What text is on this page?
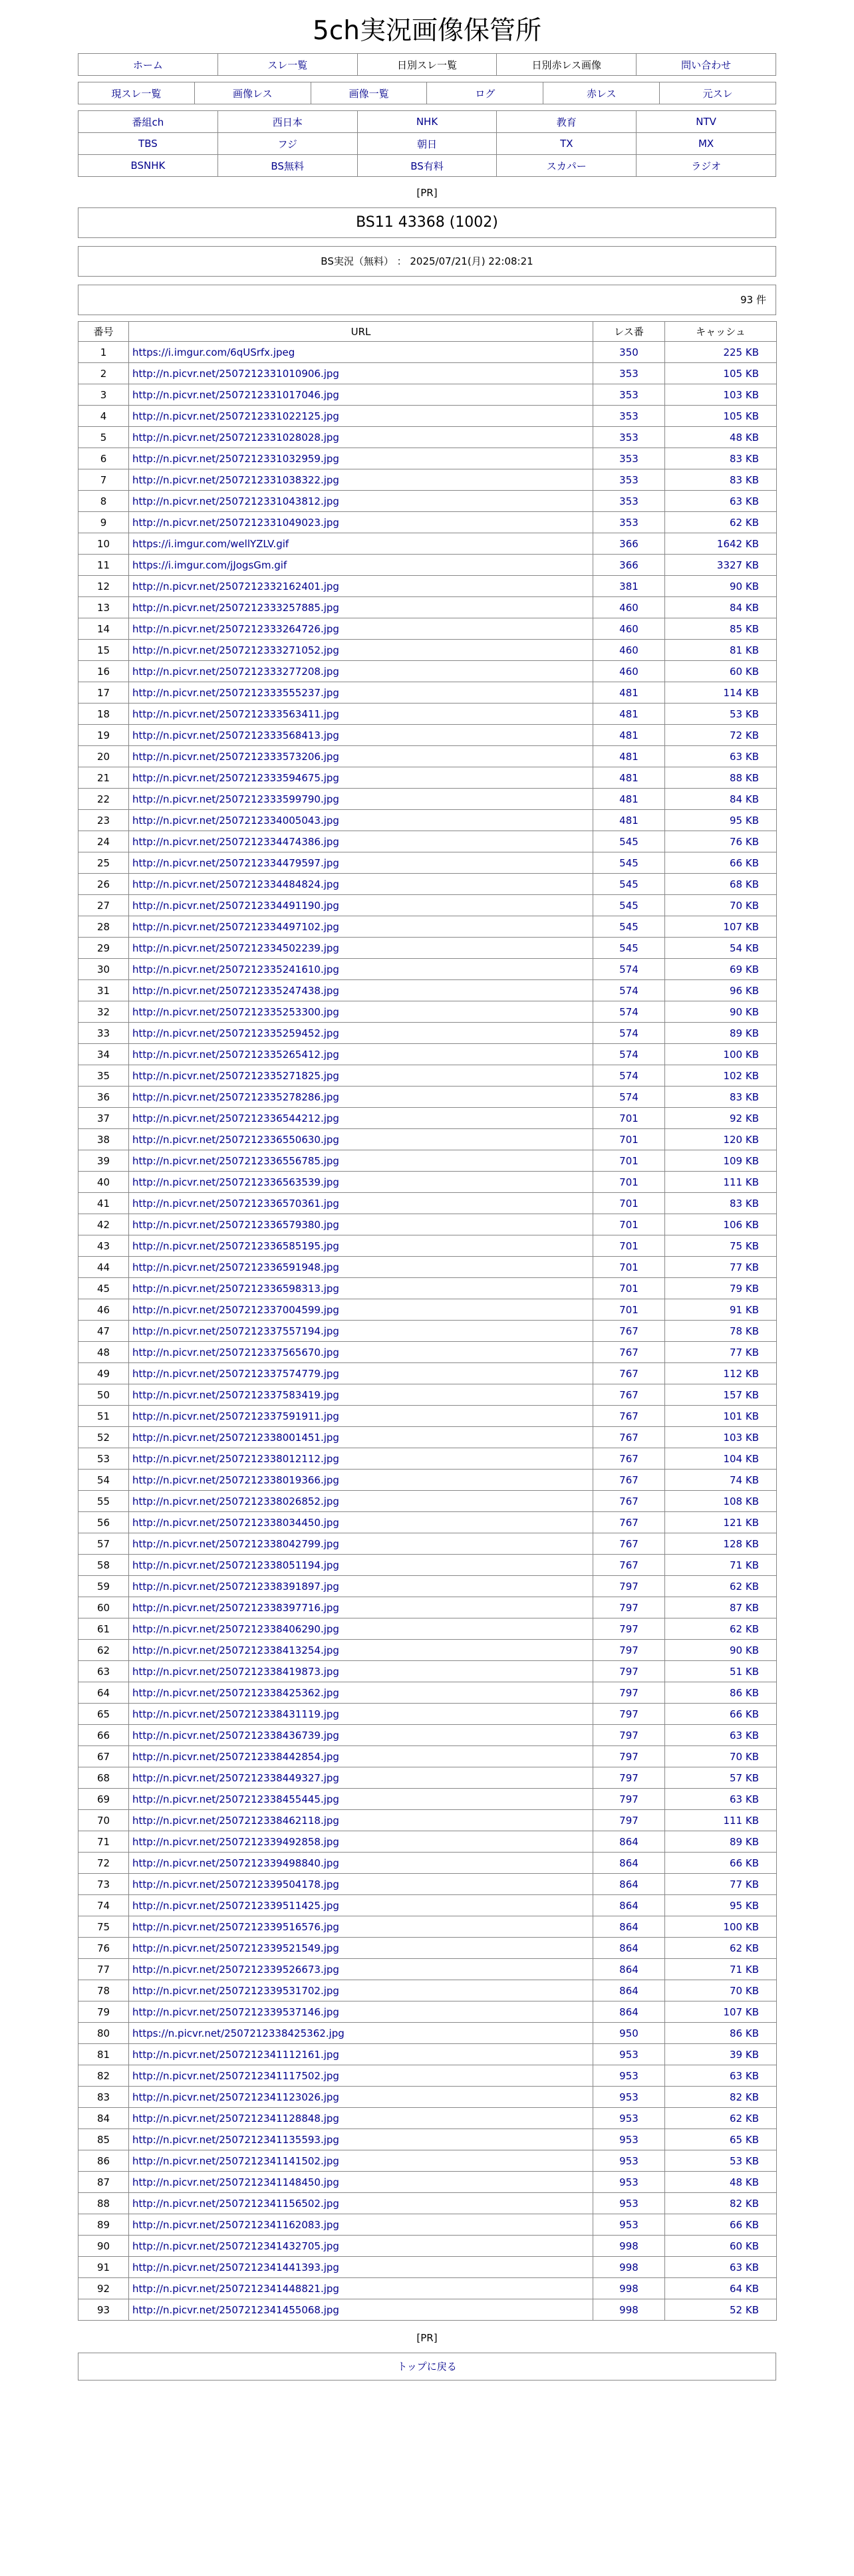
5ch実況画像保管所
ホーム	スレ一覧	日別スレ一覧	日別赤レス画像	問い合わせ
現スレ一覧	画像レス	画像一覧	ログ	赤レス	元スレ
番組ch	西日本	NHK	教育	NTV
TBS	フジ	朝日	TX	MX
BSNHK	BS無料	BS有料	スカパー	ラジオ
[PR]
BS11 43368 (1002)
BS実況（無料） ： 2025/07/21(月) 22:08:21
93 件
番号	URL	レス番	キャッシュ
1	https://i.imgur.com/6qUSrfx.jpeg	350	225 KB
2	http://n.picvr.net/2507212331010906.jpg	353	105 KB
3	http://n.picvr.net/2507212331017046.jpg	353	103 KB
4	http://n.picvr.net/2507212331022125.jpg	353	105 KB
5	http://n.picvr.net/2507212331028028.jpg	353	48 KB
6	http://n.picvr.net/2507212331032959.jpg	353	83 KB
7	http://n.picvr.net/2507212331038322.jpg	353	83 KB
8	http://n.picvr.net/2507212331043812.jpg	353	63 KB
9	http://n.picvr.net/2507212331049023.jpg	353	62 KB
10	https://i.imgur.com/wellYZLV.gif	366	1642 KB
11	https://i.imgur.com/jJogsGm.gif	366	3327 KB
12	http://n.picvr.net/2507212332162401.jpg	381	90 KB
13	http://n.picvr.net/2507212333257885.jpg	460	84 KB
14	http://n.picvr.net/2507212333264726.jpg	460	85 KB
15	http://n.picvr.net/2507212333271052.jpg	460	81 KB
16	http://n.picvr.net/2507212333277208.jpg	460	60 KB
17	http://n.picvr.net/2507212333555237.jpg	481	114 KB
18	http://n.picvr.net/2507212333563411.jpg	481	53 KB
19	http://n.picvr.net/2507212333568413.jpg	481	72 KB
20	http://n.picvr.net/2507212333573206.jpg	481	63 KB
21	http://n.picvr.net/2507212333594675.jpg	481	88 KB
22	http://n.picvr.net/2507212333599790.jpg	481	84 KB
23	http://n.picvr.net/2507212334005043.jpg	481	95 KB
24	http://n.picvr.net/2507212334474386.jpg	545	76 KB
25	http://n.picvr.net/2507212334479597.jpg	545	66 KB
26	http://n.picvr.net/2507212334484824.jpg	545	68 KB
27	http://n.picvr.net/2507212334491190.jpg	545	70 KB
28	http://n.picvr.net/2507212334497102.jpg	545	107 KB
29	http://n.picvr.net/2507212334502239.jpg	545	54 KB
30	http://n.picvr.net/2507212335241610.jpg	574	69 KB
31	http://n.picvr.net/2507212335247438.jpg	574	96 KB
32	http://n.picvr.net/2507212335253300.jpg	574	90 KB
33	http://n.picvr.net/2507212335259452.jpg	574	89 KB
34	http://n.picvr.net/2507212335265412.jpg	574	100 KB
35	http://n.picvr.net/2507212335271825.jpg	574	102 KB
36	http://n.picvr.net/2507212335278286.jpg	574	83 KB
37	http://n.picvr.net/2507212336544212.jpg	701	92 KB
38	http://n.picvr.net/2507212336550630.jpg	701	120 KB
39	http://n.picvr.net/2507212336556785.jpg	701	109 KB
40	http://n.picvr.net/2507212336563539.jpg	701	111 KB
41	http://n.picvr.net/2507212336570361.jpg	701	83 KB
42	http://n.picvr.net/2507212336579380.jpg	701	106 KB
43	http://n.picvr.net/2507212336585195.jpg	701	75 KB
44	http://n.picvr.net/2507212336591948.jpg	701	77 KB
45	http://n.picvr.net/2507212336598313.jpg	701	79 KB
46	http://n.picvr.net/2507212337004599.jpg	701	91 KB
47	http://n.picvr.net/2507212337557194.jpg	767	78 KB
48	http://n.picvr.net/2507212337565670.jpg	767	77 KB
49	http://n.picvr.net/2507212337574779.jpg	767	112 KB
50	http://n.picvr.net/2507212337583419.jpg	767	157 KB
51	http://n.picvr.net/2507212337591911.jpg	767	101 KB
52	http://n.picvr.net/2507212338001451.jpg	767	103 KB
53	http://n.picvr.net/2507212338012112.jpg	767	104 KB
54	http://n.picvr.net/2507212338019366.jpg	767	74 KB
55	http://n.picvr.net/2507212338026852.jpg	767	108 KB
56	http://n.picvr.net/2507212338034450.jpg	767	121 KB
57	http://n.picvr.net/2507212338042799.jpg	767	128 KB
58	http://n.picvr.net/2507212338051194.jpg	767	71 KB
59	http://n.picvr.net/2507212338391897.jpg	797	62 KB
60	http://n.picvr.net/2507212338397716.jpg	797	87 KB
61	http://n.picvr.net/2507212338406290.jpg	797	62 KB
62	http://n.picvr.net/2507212338413254.jpg	797	90 KB
63	http://n.picvr.net/2507212338419873.jpg	797	51 KB
64	http://n.picvr.net/2507212338425362.jpg	797	86 KB
65	http://n.picvr.net/2507212338431119.jpg	797	66 KB
66	http://n.picvr.net/2507212338436739.jpg	797	63 KB
67	http://n.picvr.net/2507212338442854.jpg	797	70 KB
68	http://n.picvr.net/2507212338449327.jpg	797	57 KB
69	http://n.picvr.net/2507212338455445.jpg	797	63 KB
70	http://n.picvr.net/2507212338462118.jpg	797	111 KB
71	http://n.picvr.net/2507212339492858.jpg	864	89 KB
72	http://n.picvr.net/2507212339498840.jpg	864	66 KB
73	http://n.picvr.net/2507212339504178.jpg	864	77 KB
74	http://n.picvr.net/2507212339511425.jpg	864	95 KB
75	http://n.picvr.net/2507212339516576.jpg	864	100 KB
76	http://n.picvr.net/2507212339521549.jpg	864	62 KB
77	http://n.picvr.net/2507212339526673.jpg	864	71 KB
78	http://n.picvr.net/2507212339531702.jpg	864	70 KB
79	http://n.picvr.net/2507212339537146.jpg	864	107 KB
80	https://n.picvr.net/2507212338425362.jpg	950	86 KB
81	http://n.picvr.net/2507212341112161.jpg	953	39 KB
82	http://n.picvr.net/2507212341117502.jpg	953	63 KB
83	http://n.picvr.net/2507212341123026.jpg	953	82 KB
84	http://n.picvr.net/2507212341128848.jpg	953	62 KB
85	http://n.picvr.net/2507212341135593.jpg	953	65 KB
86	http://n.picvr.net/2507212341141502.jpg	953	53 KB
87	http://n.picvr.net/2507212341148450.jpg	953	48 KB
88	http://n.picvr.net/2507212341156502.jpg	953	82 KB
89	http://n.picvr.net/2507212341162083.jpg	953	66 KB
90	http://n.picvr.net/2507212341432705.jpg	998	60 KB
91	http://n.picvr.net/2507212341441393.jpg	998	63 KB
92	http://n.picvr.net/2507212341448821.jpg	998	64 KB
93	http://n.picvr.net/2507212341455068.jpg	998	52 KB
[PR]
トップに戻る
